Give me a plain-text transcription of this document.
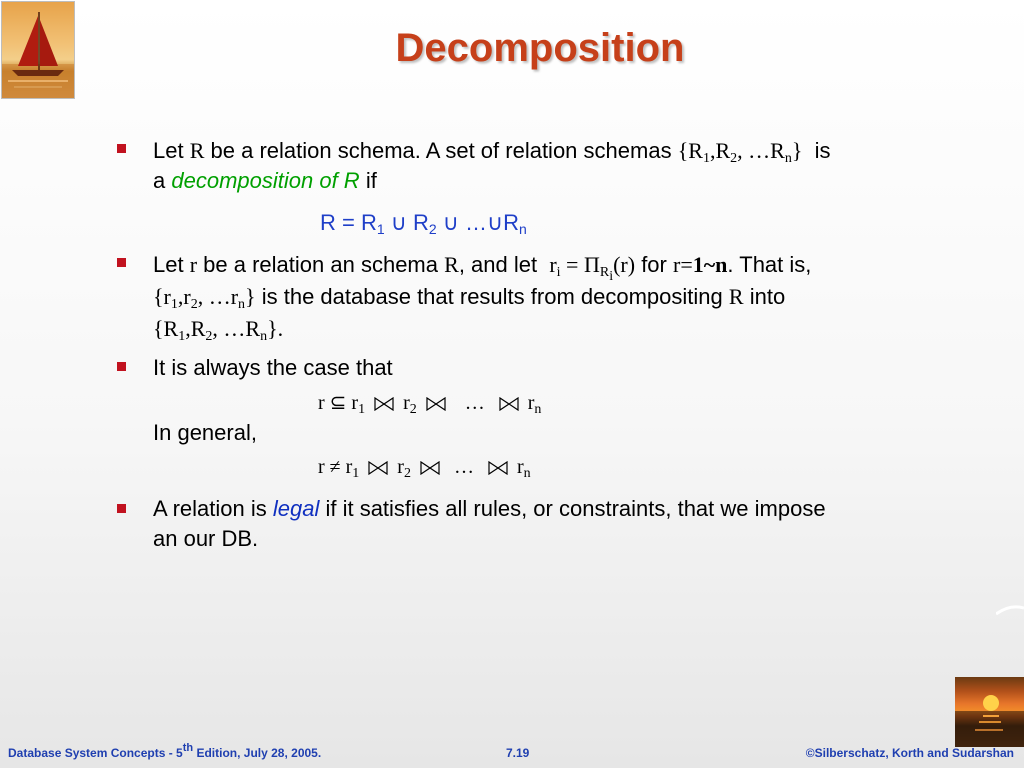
Decomposition
Let R be a relation schema. A set of relation schemas {$R_1,R_2$, $\dots R_n$} is
a decomposition of R if
$R = R_1$ ∪ $R_2$ ∪ $\dots\cup R_n$
Let r be a relation an schema R, and let $r_i = \Pi_{R_i}(r)$ for r=1~n. That is,
{$r_1,r_2$, $\dots r_n$} is the database that results from decompositing R into
{$R_1,R_2$, $\dots R_n$}.
It is always the case that
r ⊆ $r_1$ $r_2$ … $r_n$
In general,
$r \ne r_1$ $r_2$ … $r_n$
A relation is legal if it satisfies all rules, or constraints, that we impose
an our DB.
Database System Concepts - 5th Edition, July 28, 2005.	7.19	©Silberschatz, Korth and Sudarshan
